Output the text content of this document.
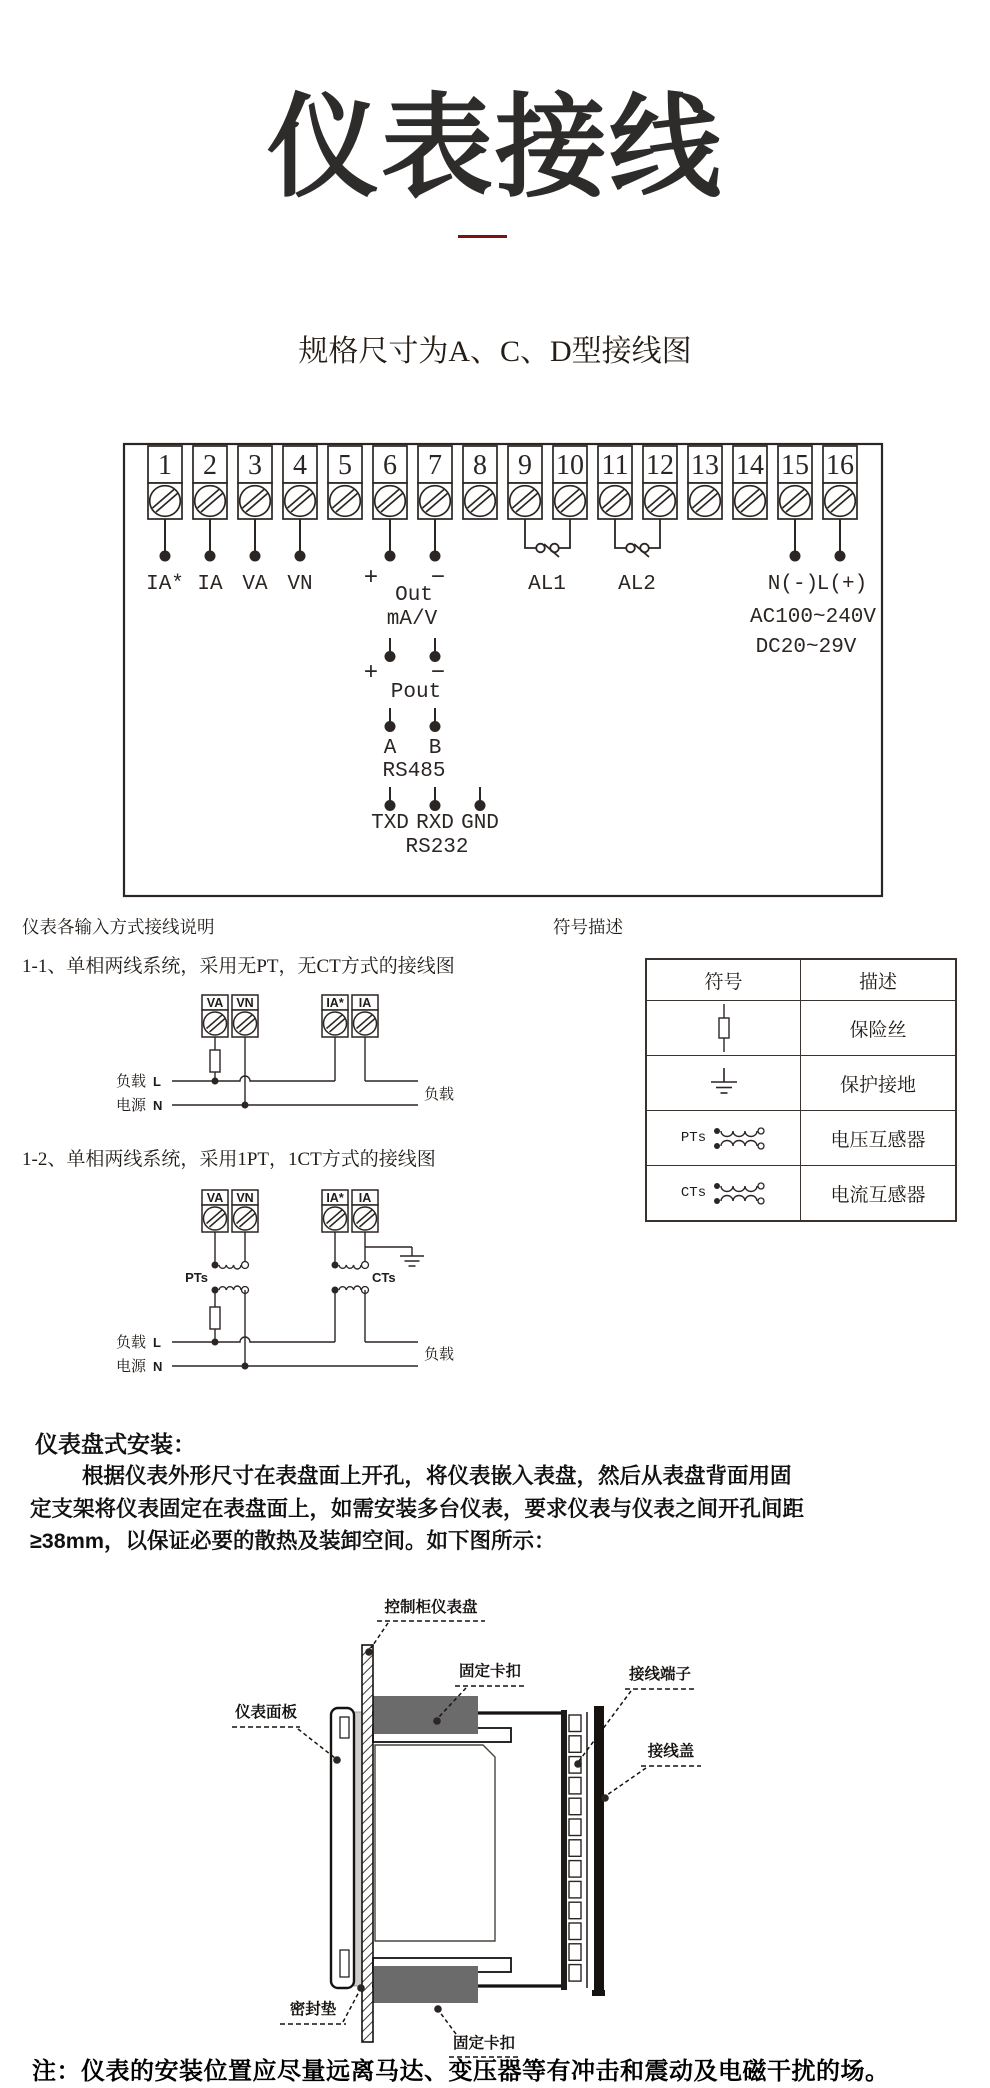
仪表接线
规格尺寸为A、C、D型接线图
1 2 3 4 5 6 7 8 9 10 11 12 13 14 15 16
IA* IA VA VN + −
Out
mA/V
AL1 AL2	N(-)
L(+)
AC100~240V
DC20~29V
+ −
Pout
A B
RS485
TXD RXD GND
RS232
仪表各输入方式接线说明	符号描述
1-1、单相两线系统，采用无PT，无CT方式的接线图
VA VN	IA* IA
负载 L
电源 N
负载
1-2、单相两线系统，采用1PT，1CT方式的接线图
VA VN	IA* IA
PTs	CTs
负载 L
电源 N
负载
符号	描述
保险丝
保护接地
PTs	电压互感器
CTs	电流互感器
仪表盘式安装：
根据仪表外形尺寸在表盘面上开孔，将仪表嵌入表盘，然后从表盘背面用固
定支架将仪表固定在表盘面上，如需安装多台仪表，要求仪表与仪表之间开孔间距
≥38mm，以保证必要的散热及装卸空间。如下图所示：
控制柜仪表盘
固定卡扣	接线端子
接线盖
仪表面板
密封垫
固定卡扣
注：仪表的安装位置应尽量远离马达、变压器等有冲击和震动及电磁干扰的场。
